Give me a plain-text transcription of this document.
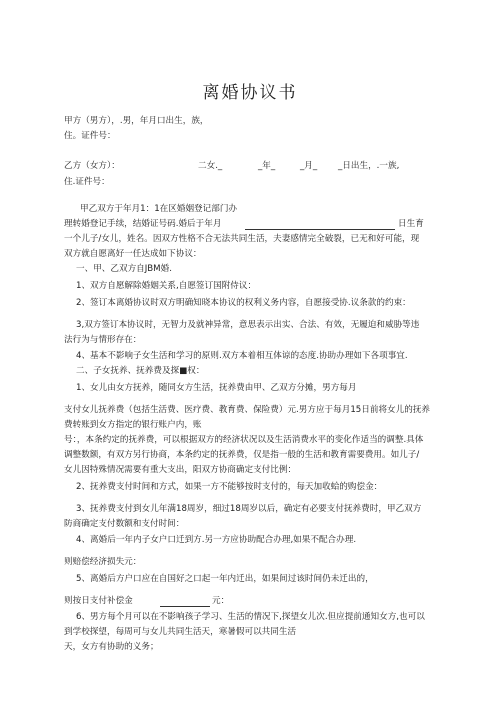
离婚协议书
甲方（男方），.男，年月口出生，族，
住。证件号：
乙方（女方）：	二女._	_年_	_月_ _日出生，.一族,
住.证件号：
甲乙双方于年月1：1在区婚姻登记部门办
理转婚登记手续，结婚证号码.婚后于年月	日生育
一个儿子/女儿，姓名。因双方性格不合无法共同生活，夫妻感情完全破裂，已无和好可能，现
双方就自愿离好一任达成如下协议：
一、甲、乙双方自JBM婚.
1、双方自愿解除婚姻关系,自愿签订国附侍议：
2、签订本离婚协议时双方明确知晓本协议的权利义务内容，自愿接受协.议条款的约束：
3,双方签订本协议时，无智力及就神异常，意思表示出实、合法、有效，无履迫和威胁等违
法行为与情形存在：
4、基本不影响子女生活和学习的原则.双方本着相互体谅的态度.协助办理如下各项事宜.
二、子女抚养、抚养费及探■权：
1、女儿由女方抚养，随同女方生活，抚养费由甲、乙双方分摊，男方每月
支付女儿抚养费（包括生活费、医疗费、教育费、保险费）元.男方应于每月15日前将女儿的抚养
费转账到女方指定的银行账户内，账
号：，本条约定的抚养费，可以根据双方的经济状况以及生活消费水平的变化作适当的调整.具体
调整数额，有双方另行协商，本条约定的抚养费，仅是指一般的生活和教育需要费用。如儿子/
女儿因特殊情况需要有重大支出，阳双方协商确定支付比例：
2、抚养费支付时间和方式，如果一方不能够按时支付的，每天加收蛤的购偿金：
3、抚养费支付到女儿年满18周岁，细过18周岁以后，确定有必要支付抚养费时，甲乙双方
防商确定支付数额和支付时间：
4、离婚后一年内子女户口迁到方.另一方应协助配合办理,如果不配合办理.
则赔偿经济损失元：
5、离婚后方户口应在自国好之口起一年内迁出，如果间过该时间仍未迁出的，
则按日支付补偿金	元：
6、男方每个月可以在不影响孩子学习、生活的情况下,探望女儿次.但应提前通知女方,也可以
到学校探望，每周可与女儿共同生活天，寒暑假可以共同生活
天，女方有协助的义务；
